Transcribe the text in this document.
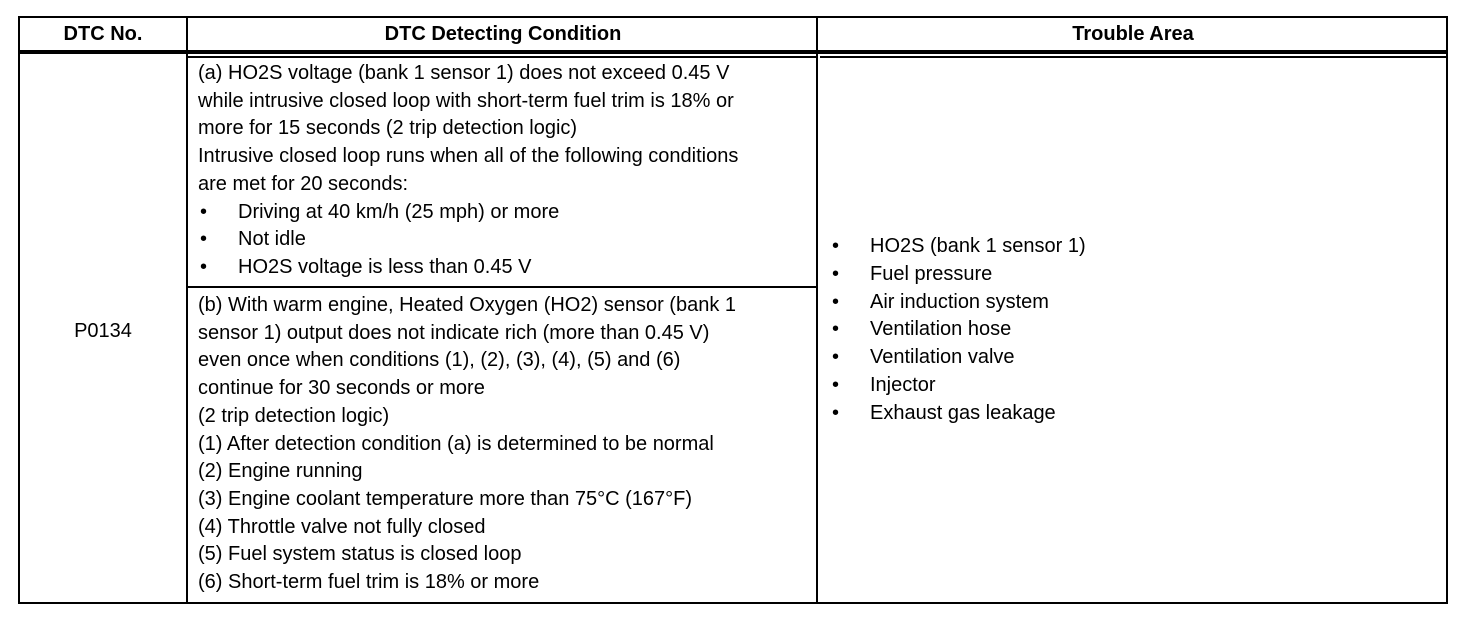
DTC No.	DTC Detecting Condition	Trouble Area
P0134
(a) HO2S voltage (bank 1 sensor 1) does not exceed 0.45 V
while intrusive closed loop with short-term fuel trim is 18% or
more for 15 seconds (2 trip detection logic)
Intrusive closed loop runs when all of the following conditions
are met for 20 seconds:
• Driving at 40 km/h (25 mph) or more
• Not idle
• HO2S voltage is less than 0.45 V
(b) With warm engine, Heated Oxygen (HO2) sensor (bank 1
sensor 1) output does not indicate rich (more than 0.45 V)
even once when conditions (1), (2), (3), (4), (5) and (6)
continue for 30 seconds or more
(2 trip detection logic)
(1) After detection condition (a) is determined to be normal
(2) Engine running
(3) Engine coolant temperature more than 75°C (167°F)
(4) Throttle valve not fully closed
(5) Fuel system status is closed loop
(6) Short-term fuel trim is 18% or more
• HO2S (bank 1 sensor 1)
• Fuel pressure
• Air induction system
• Ventilation hose
• Ventilation valve
• Injector
• Exhaust gas leakage
